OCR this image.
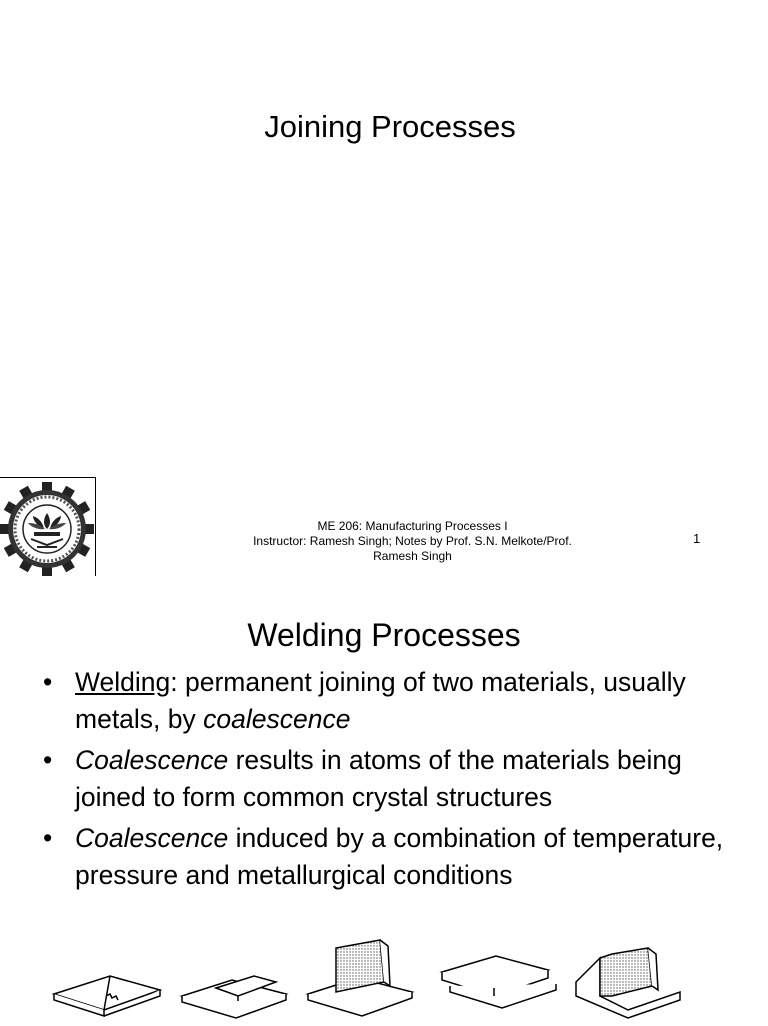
Joining Processes
ME 206: Manufacturing Processes I
Instructor: Ramesh Singh; Notes by Prof. S.N. Melkote/Prof.
Ramesh Singh
1
Welding Processes
• Welding: permanent joining of two materials, usually metals, by coalescence
• Coalescence results in atoms of the materials being joined to form common crystal structures
• Coalescence induced by a combination of temperature, pressure and metallurgical conditions
